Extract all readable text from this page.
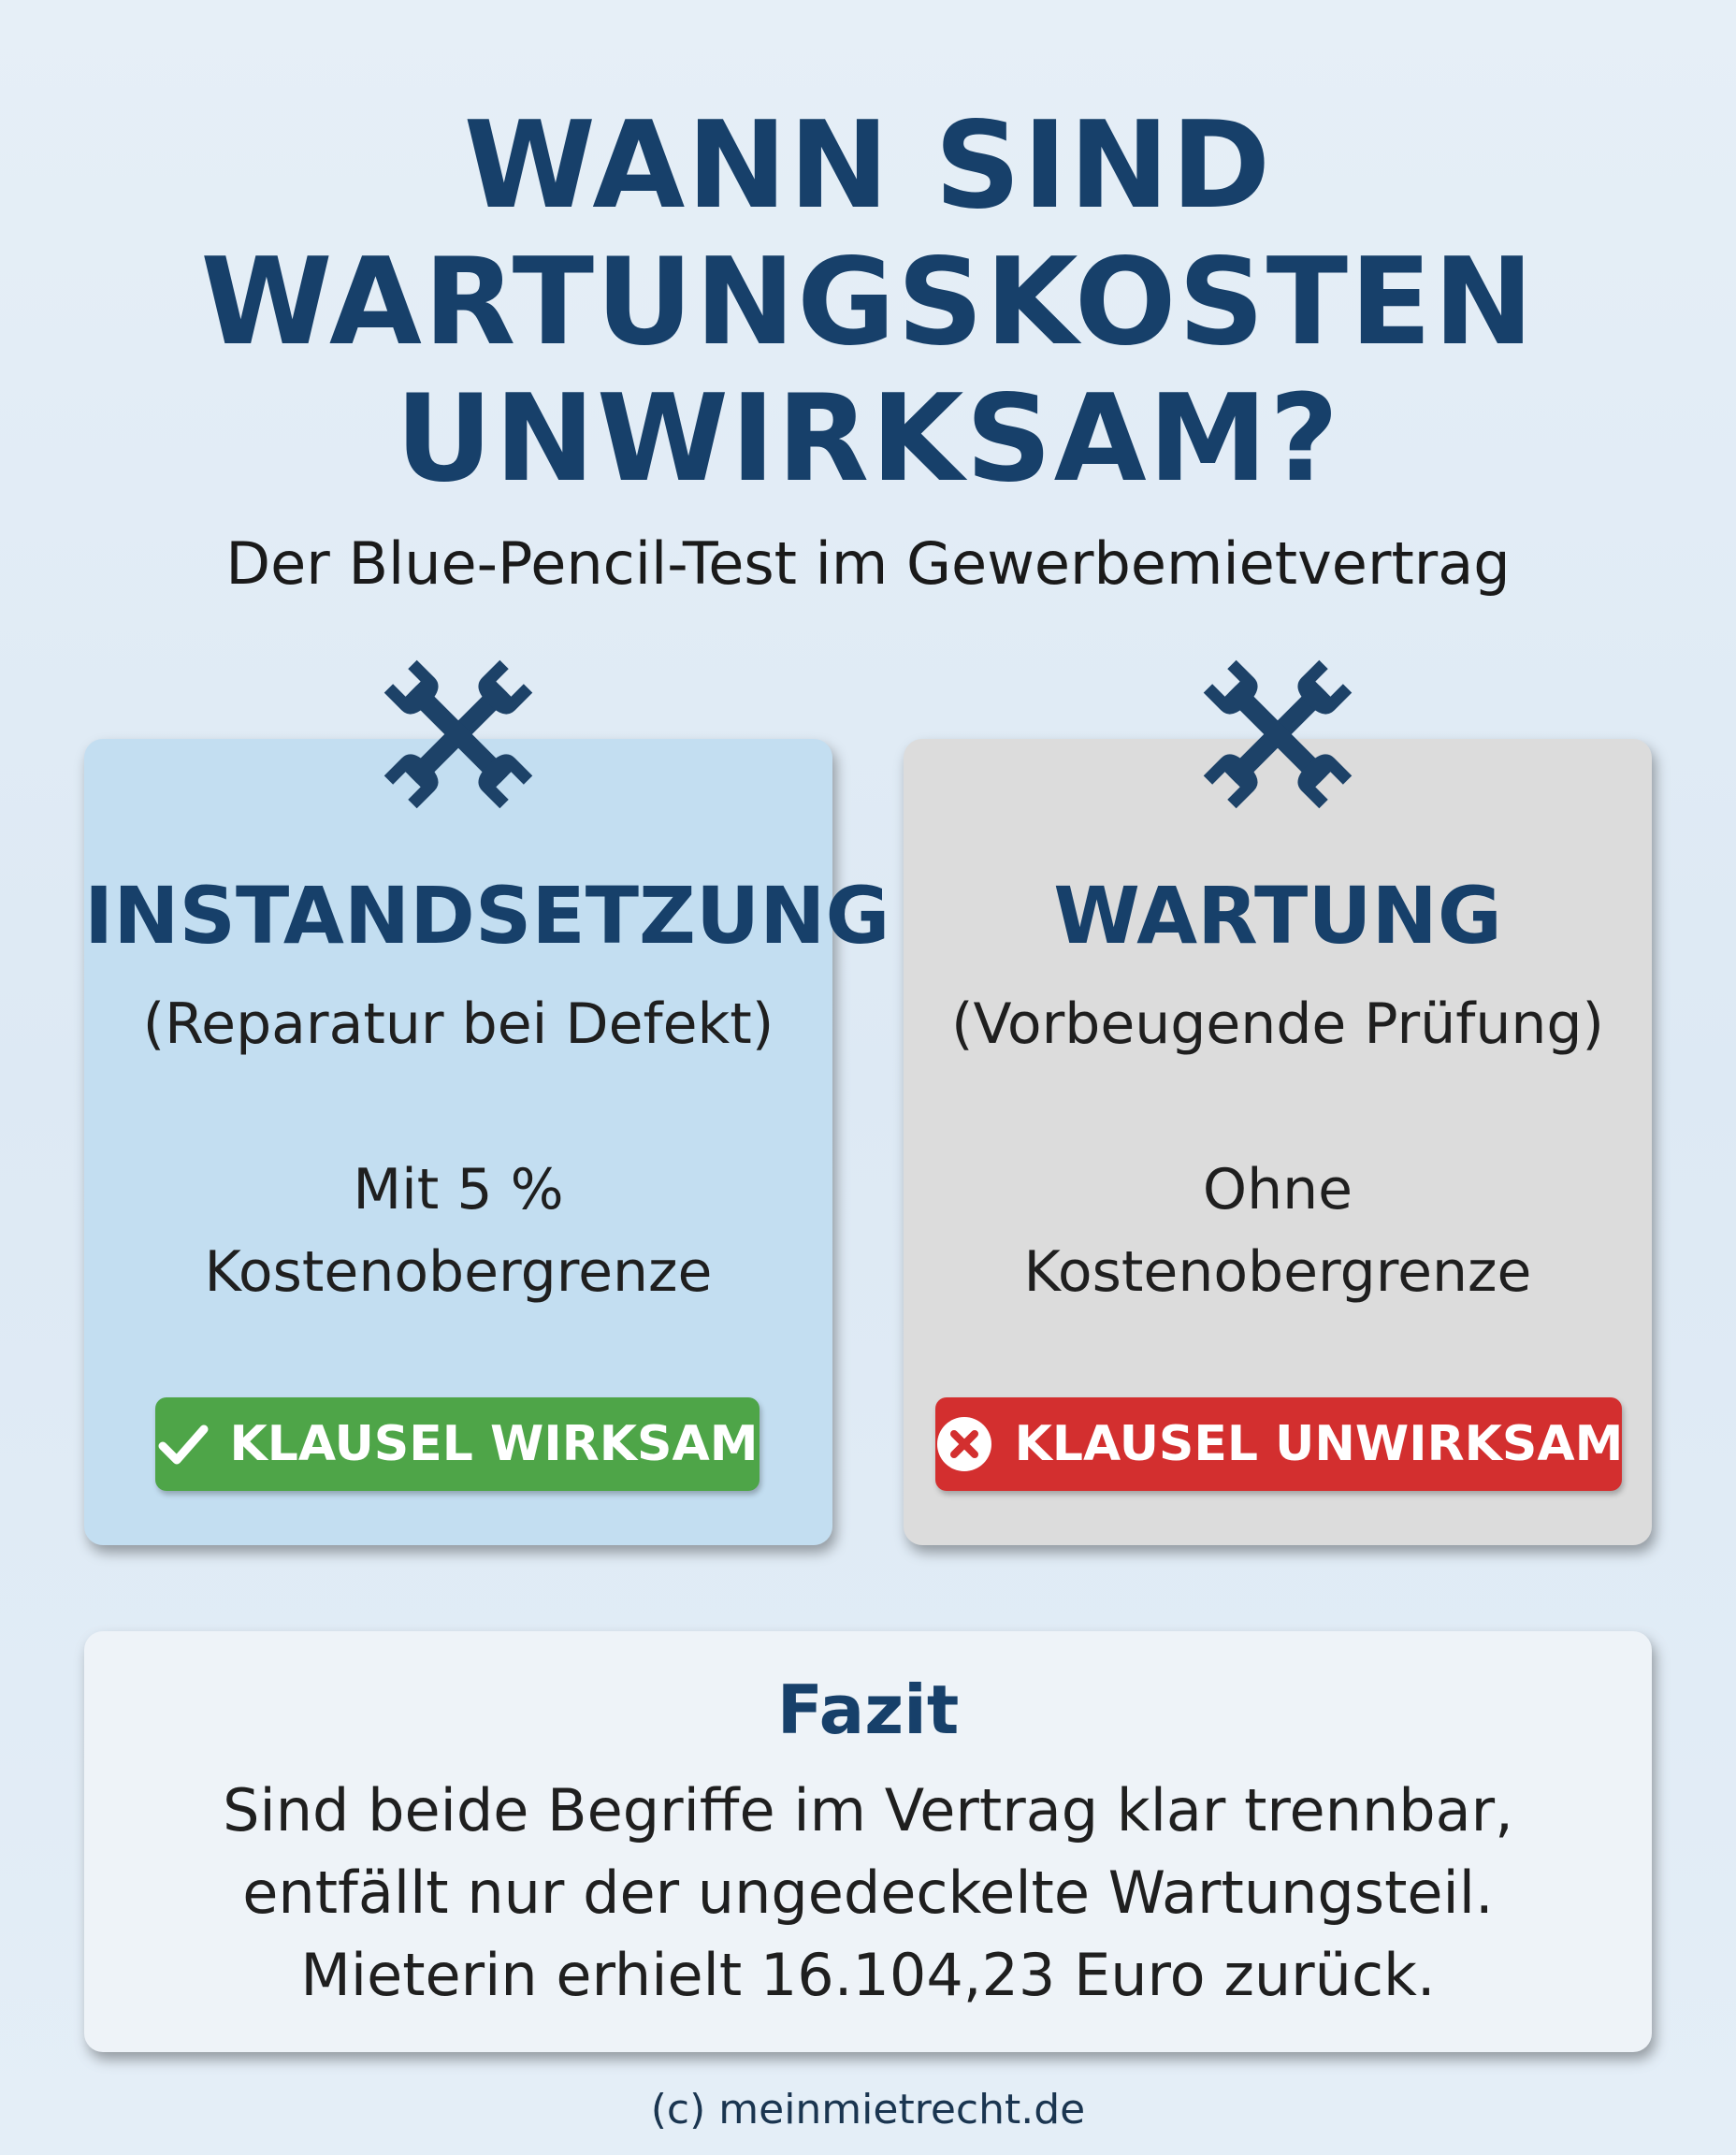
WANN SIND
WARTUNGSKOSTEN
UNWIRKSAM?
Der Blue-Pencil-Test im Gewerbemietvertrag
INSTANDSETZUNG
(Reparatur bei Defekt)
Mit 5 %
Kostenobergrenze
KLAUSEL WIRKSAM
WARTUNG
(Vorbeugende Prüfung)
Ohne
Kostenobergrenze
KLAUSEL UNWIRKSAM
Fazit
Sind beide Begriffe im Vertrag klar trennbar,
entfällt nur der ungedeckelte Wartungsteil.
Mieterin erhielt 16.104,23 Euro zurück.
(c) meinmietrecht.de
